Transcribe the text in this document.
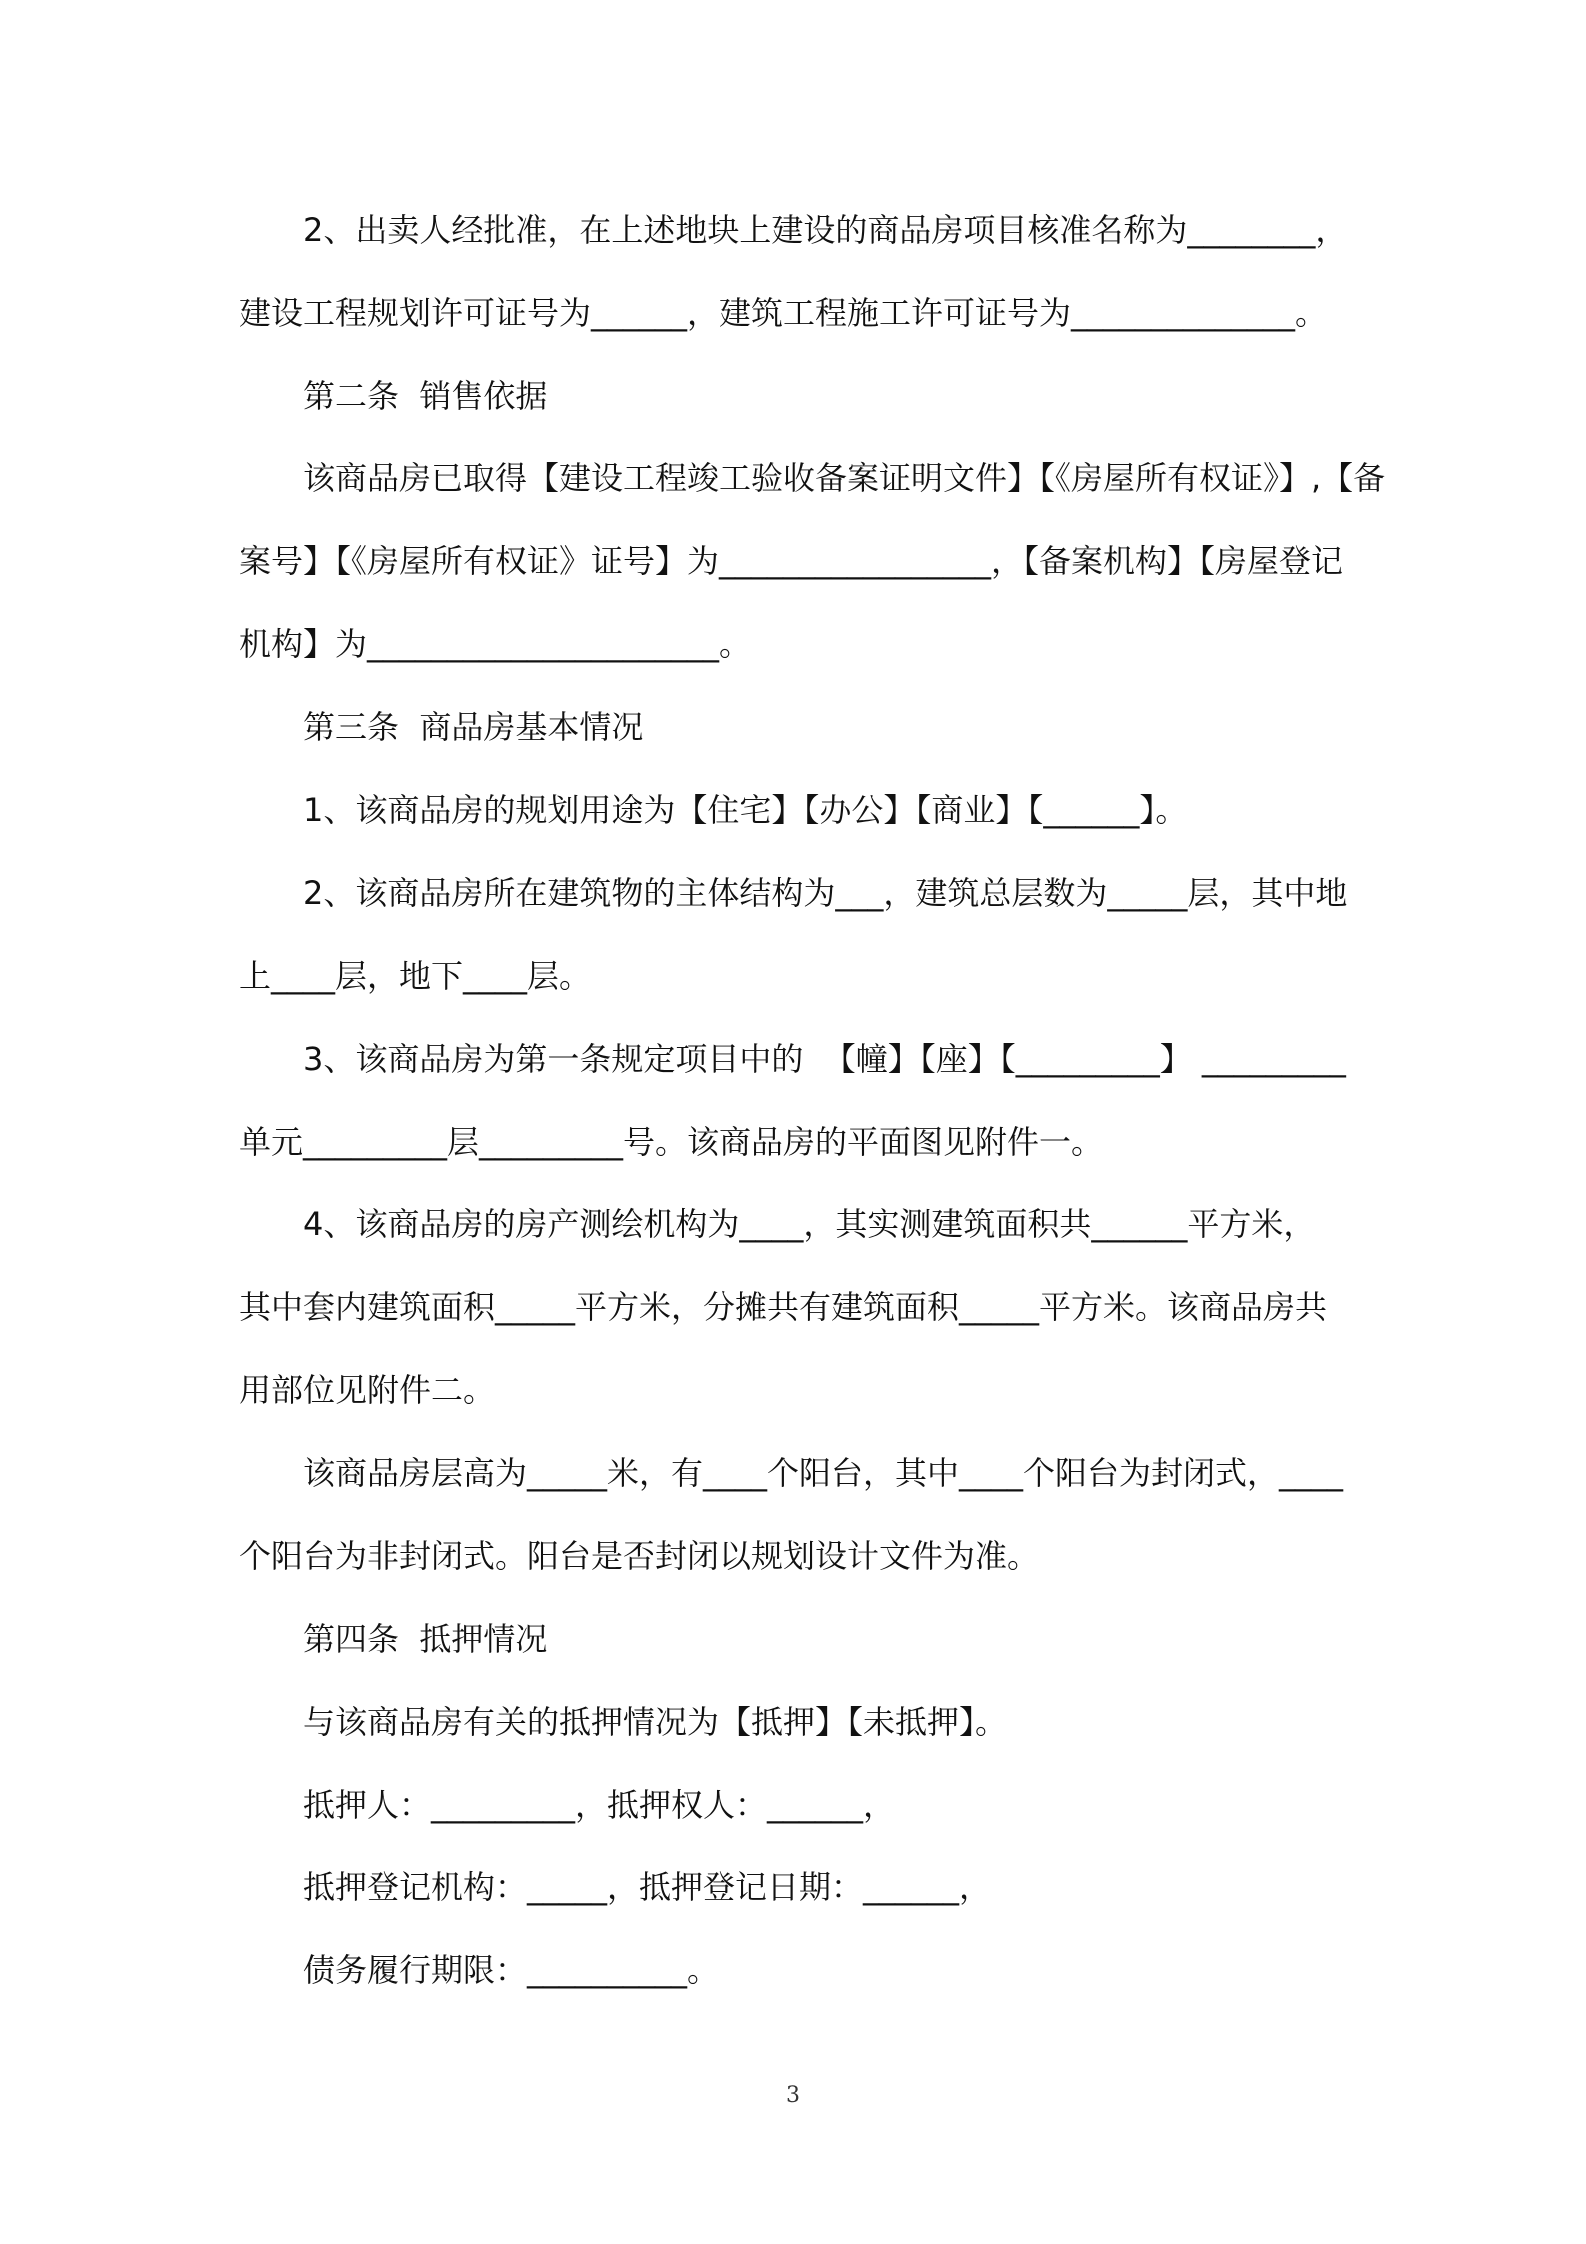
2、出卖人经批准，在上述地块上建设的商品房项目核准名称为________，
建设工程规划许可证号为______，建筑工程施工许可证号为______________。
第二条  销售依据
该商品房已取得【建设工程竣工验收备案证明文件】【《房屋所有权证》】,【备
案号】【《房屋所有权证》证号】为_________________，【备案机构】【房屋登记
机构】为______________________。
第三条  商品房基本情况
1、该商品房的规划用途为【住宅】【办公】【商业】【______】。
2、该商品房所在建筑物的主体结构为___，建筑总层数为_____层，其中地
上____层，地下____层。
3、该商品房为第一条规定项目中的  【幢】【座】【_________】 _________
单元_________层_________号。该商品房的平面图见附件一。
4、该商品房的房产测绘机构为____，其实测建筑面积共______平方米，
其中套内建筑面积_____平方米，分摊共有建筑面积_____平方米。该商品房共
用部位见附件二。
该商品房层高为_____米，有____个阳台，其中____个阳台为封闭式，____
个阳台为非封闭式。阳台是否封闭以规划设计文件为准。
第四条  抵押情况
与该商品房有关的抵押情况为【抵押】【未抵押】。
抵押人：_________，抵押权人：______，
抵押登记机构：_____，抵押登记日期：______，
债务履行期限：__________。
3
